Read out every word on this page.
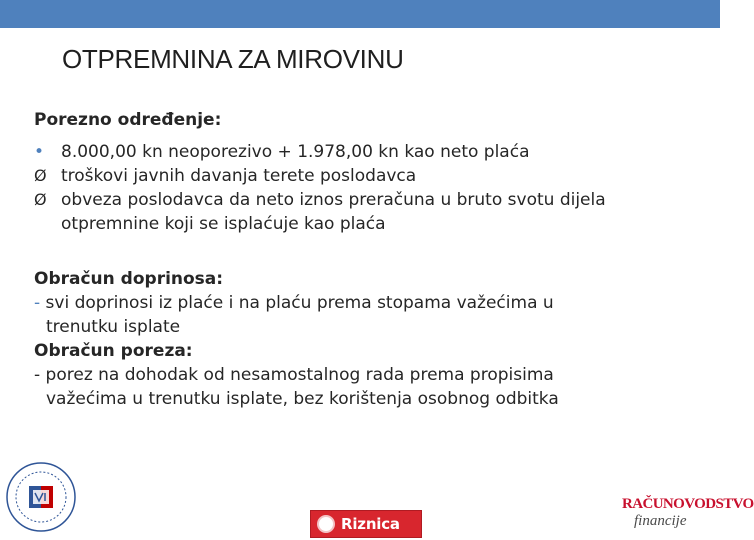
OTPREMNINA ZA MIROVINU
Porezno određenje:
• 8.000,00 kn neoporezivo + 1.978,00 kn kao neto plaća
Ø troškovi javnih davanja terete poslodavca
Ø obveza poslodavca da neto iznos preračuna u bruto svotu dijela
otpremnine koji se isplaćuje kao plaća
Obračun doprinosa:
- svi doprinosi iz plaće i na plaću prema stopama važećima u
trenutku isplate
Obračun poreza:
- porez na dohodak od nesamostalnog rada prema propisima
važećima u trenutku isplate, bez korištenja osobnog odbitka
Riznica
RAČUNOVODSTVO
financije
